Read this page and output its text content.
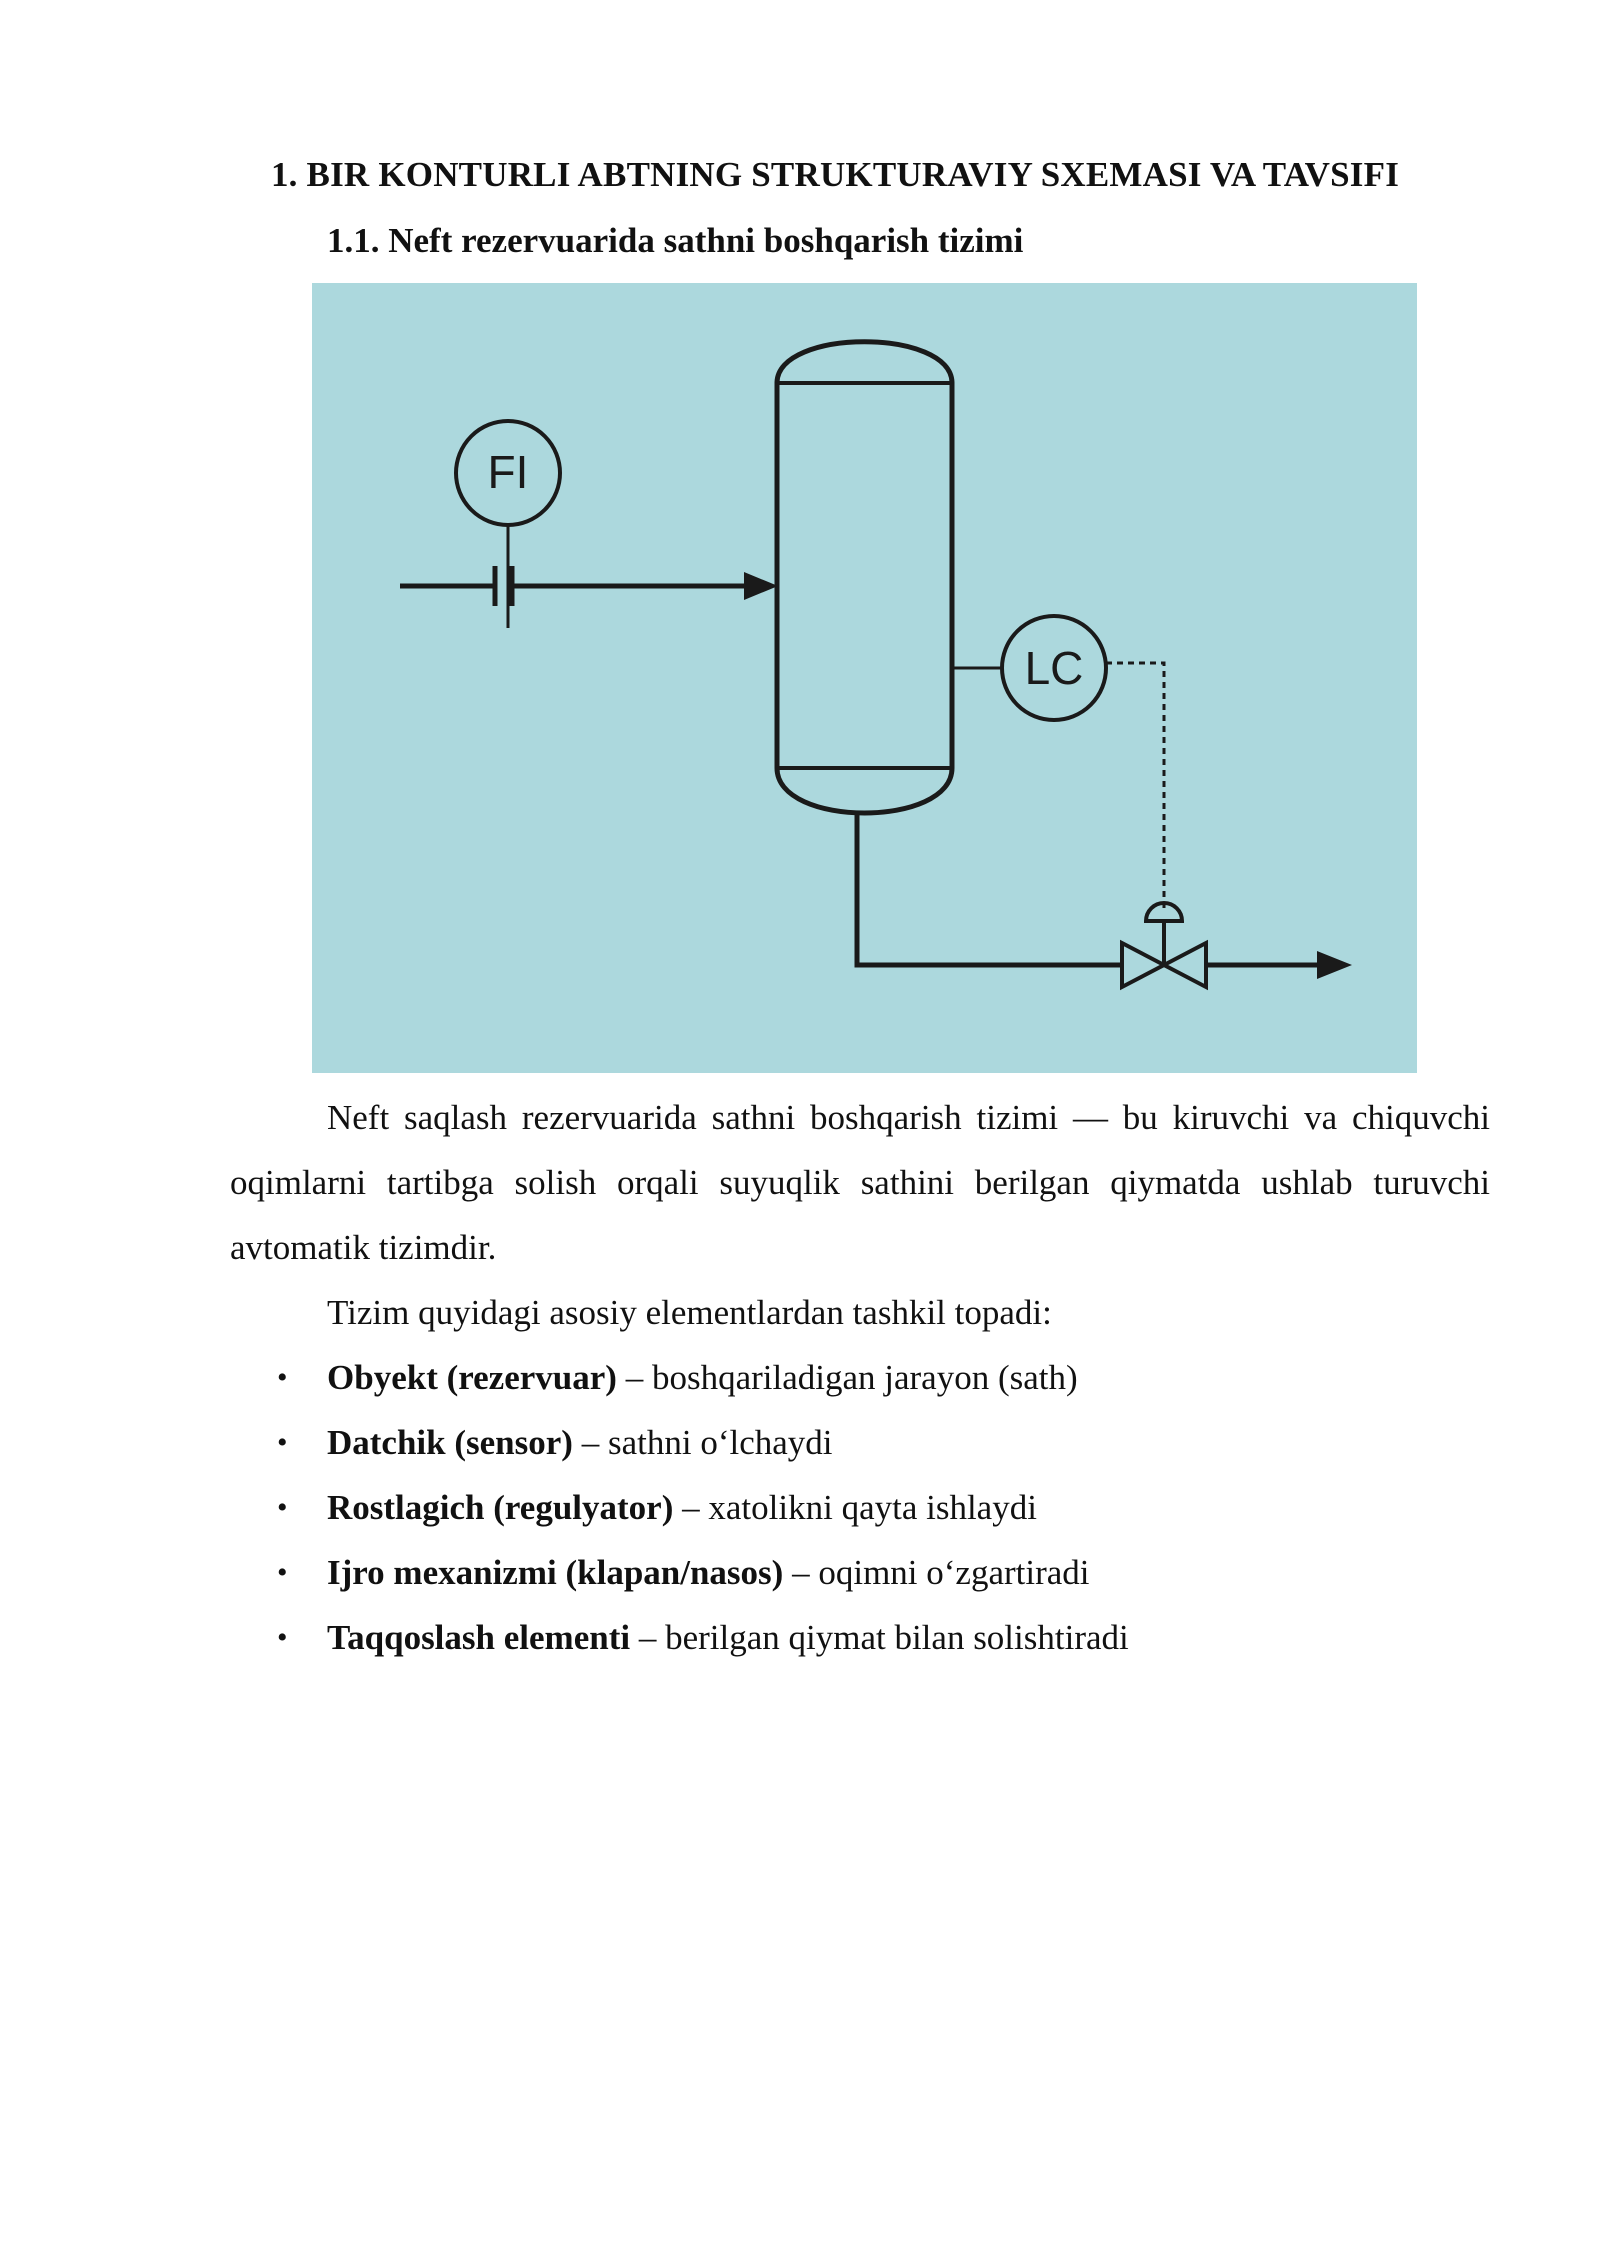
1. BIR KONTURLI ABTNING STRUKTURAVIY SXEMASI VA TAVSIFI
1.1. Neft rezervuarida sathni boshqarish tizimi
FI
LC

Neft saqlash rezervuarida sathni boshqarish tizimi — bu kiruvchi va chiquvchi oqimlarni tartibga solish orqali suyuqlik sathini berilgan qiymatda ushlab turuvchi avtomatik tizimdir.

Tizim quyidagi asosiy elementlardan tashkil topadi:

• Obyekt (rezervuar) – boshqariladigan jarayon (sath)
• Datchik (sensor) – sathni o‘lchaydi
• Rostlagich (regulyator) – xatolikni qayta ishlaydi
• Ijro mexanizmi (klapan/nasos) – oqimni o‘zgartiradi
• Taqqoslash elementi – berilgan qiymat bilan solishtiradi
